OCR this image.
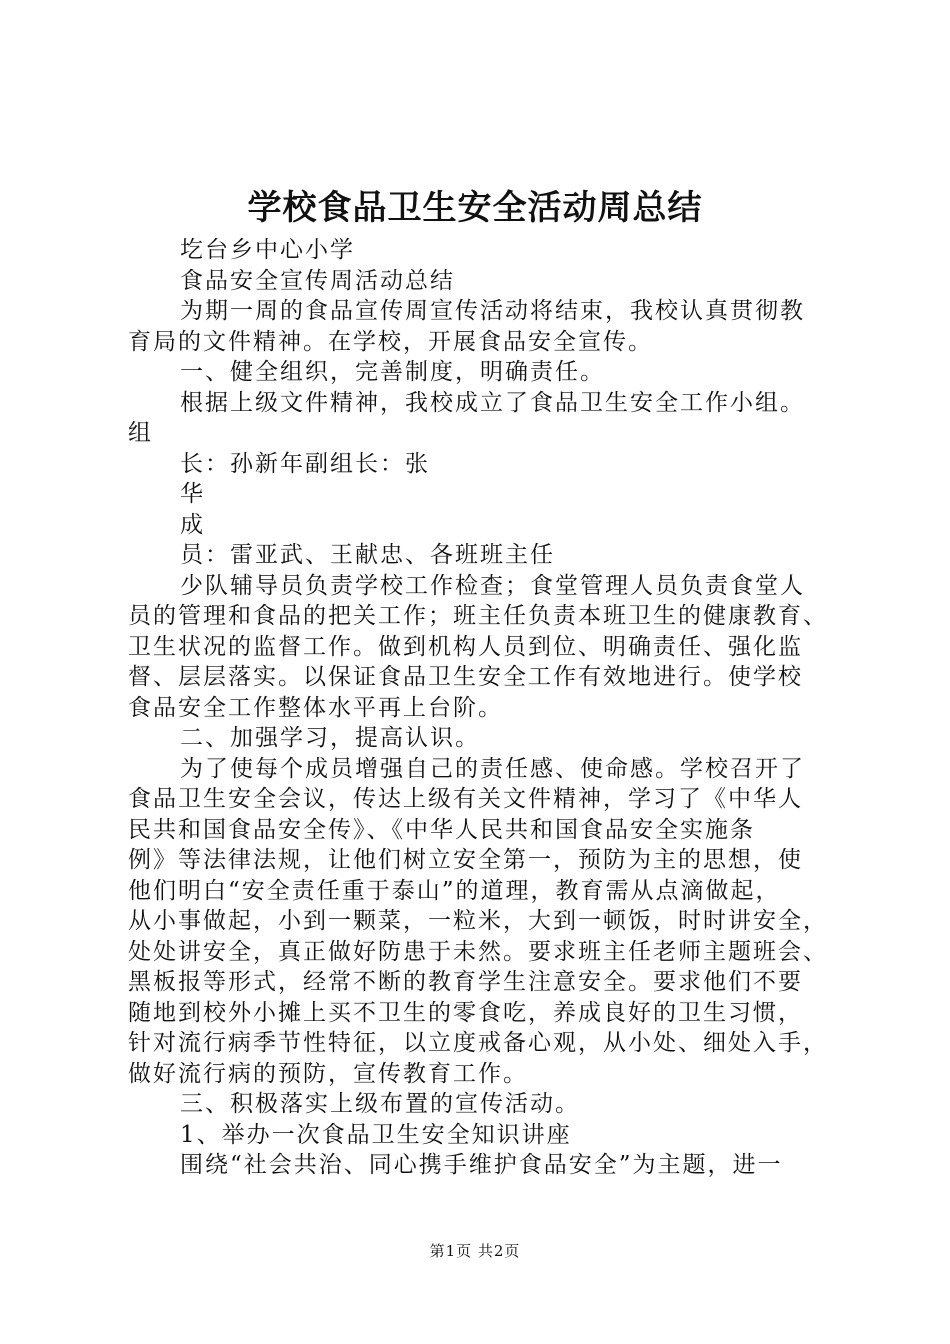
学校食品卫生安全活动周总结
圪台乡中心小学
食品安全宣传周活动总结
为期一周的食品宣传周宣传活动将结束，我校认真贯彻教
育局的文件精神。在学校，开展食品安全宣传。
一、健全组织，完善制度，明确责任。
根据上级文件精神，我校成立了食品卫生安全工作小组。
组
长：孙新年副组长：张
华
成
员：雷亚武、王献忠、各班班主任
少队辅导员负责学校工作检查；食堂管理人员负责食堂人
员的管理和食品的把关工作；班主任负责本班卫生的健康教育、
卫生状况的监督工作。做到机构人员到位、明确责任、强化监
督、层层落实。以保证食品卫生安全工作有效地进行。使学校
食品安全工作整体水平再上台阶。
二、加强学习，提高认识。
为了使每个成员增强自己的责任感、使命感。学校召开了
食品卫生安全会议，传达上级有关文件精神，学习了《中华人
民共和国食品安全传》、《中华人民共和国食品安全实施条
例》等法律法规，让他们树立安全第一，预防为主的思想，使
他们明白“安全责任重于泰山”的道理，教育需从点滴做起，
从小事做起，小到一颗菜，一粒米，大到一顿饭，时时讲安全，
处处讲安全，真正做好防患于未然。要求班主任老师主题班会、
黑板报等形式，经常不断的教育学生注意安全。要求他们不要
随地到校外小摊上买不卫生的零食吃，养成良好的卫生习惯，
针对流行病季节性特征，以立度戒备心观，从小处、细处入手，
做好流行病的预防，宣传教育工作。
三、积极落实上级布置的宣传活动。
1、举办一次食品卫生安全知识讲座
围绕“社会共治、同心携手维护食品安全”为主题，进一
第1页 共2页
